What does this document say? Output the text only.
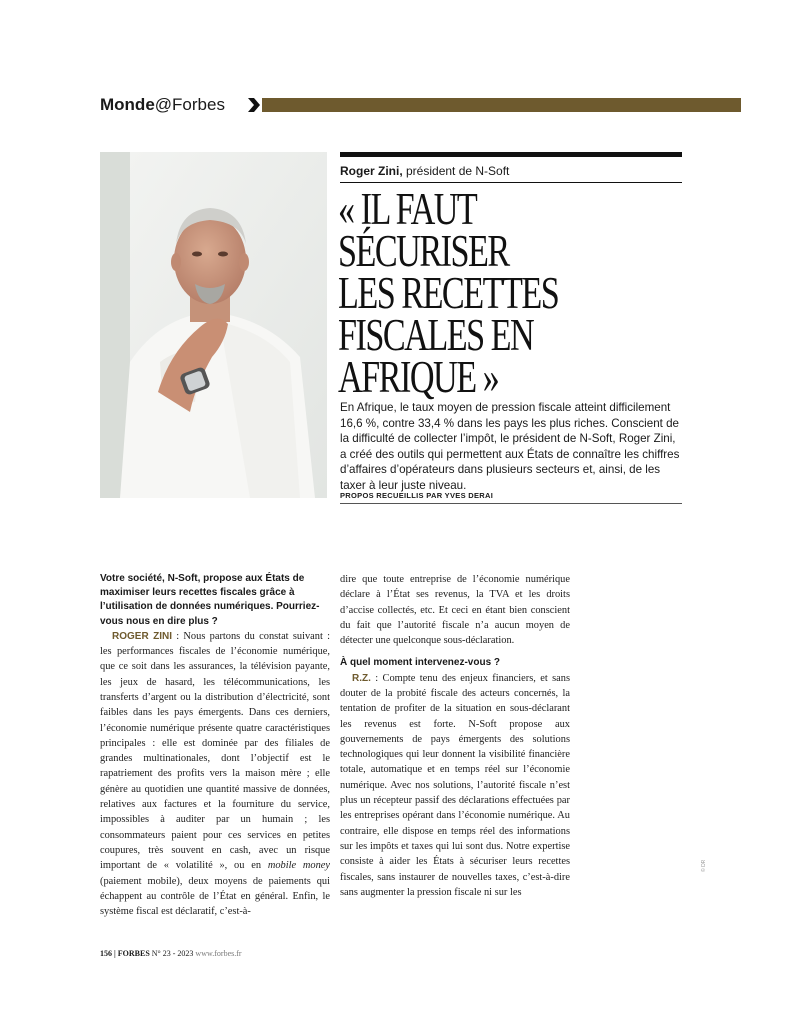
Monde@Forbes
Roger Zini, président de N-Soft
« IL FAUT
SÉCURISER
LES RECETTES
FISCALES EN
AFRIQUE »
En Afrique, le taux moyen de pression fiscale atteint difficilement 16,6 %, contre 33,4 % dans les pays les plus riches. Conscient de la difficulté de collecter l’impôt, le président de N-Soft, Roger Zini, a créé des outils qui permettent aux États de connaître les chiffres d’affaires d’opérateurs dans plusieurs secteurs et, ainsi, de les taxer à leur juste niveau.
PROPOS RECUEILLIS PAR YVES DERAI

Votre société, N-Soft, propose aux États de maximiser leurs recettes fiscales grâce à l’utilisation de données numériques. Pourriez-vous nous en dire plus ?

ROGER ZINI : Nous partons du constat suivant : les performances fiscales de l’économie numérique, que ce soit dans les assurances, la télévision payante, les jeux de hasard, les télécommunications, les transferts d’argent ou la distribution d’électricité, sont faibles dans les pays émergents. Dans ces derniers, l’économie numérique présente quatre caractéristiques principales : elle est dominée par des filiales de grandes multinationales, dont l’objectif est le rapatriement des profits vers la maison mère ; elle génère au quotidien une quantité massive de données, relatives aux factures et la fourniture du service, impossibles à auditer par un humain ; les consommateurs paient pour ces services en petites coupures, très souvent en cash, avec un risque important de « volatilité », ou en mobile money (paiement mobile), deux moyens de paiements qui échappent au contrôle de l’État en général. Enfin, le système fiscal est déclaratif, c’est-à-

dire que toute entreprise de l’économie numérique déclare à l’État ses revenus, la TVA et les droits d’accise collectés, etc. Et ceci en étant bien conscient du fait que l’autorité fiscale n’a aucun moyen de détecter une quelconque sous-déclaration.

À quel moment intervenez-vous ?

R.Z. : Compte tenu des enjeux financiers, et sans douter de la probité fiscale des acteurs concernés, la tentation de profiter de la situation en sous-déclarant les revenus est forte. N-Soft propose aux gouvernements de pays émergents des solutions technologiques qui leur donnent la visibilité financière totale, automatique et en temps réel sur l’économie numérique. Avec nos solutions, l’autorité fiscale n’est plus un récepteur passif des déclarations effectuées par les entreprises opérant dans l’économie numérique. Au contraire, elle dispose en temps réel des informations sur les impôts et taxes qui lui sont dus. Notre expertise consiste à aider les États à sécuriser leurs recettes fiscales, sans instaurer de nouvelles taxes, c’est-à-dire sans augmenter la pression fiscale ni sur les

© DR
156 | FORBES N° 23 - 2023 www.forbes.fr
